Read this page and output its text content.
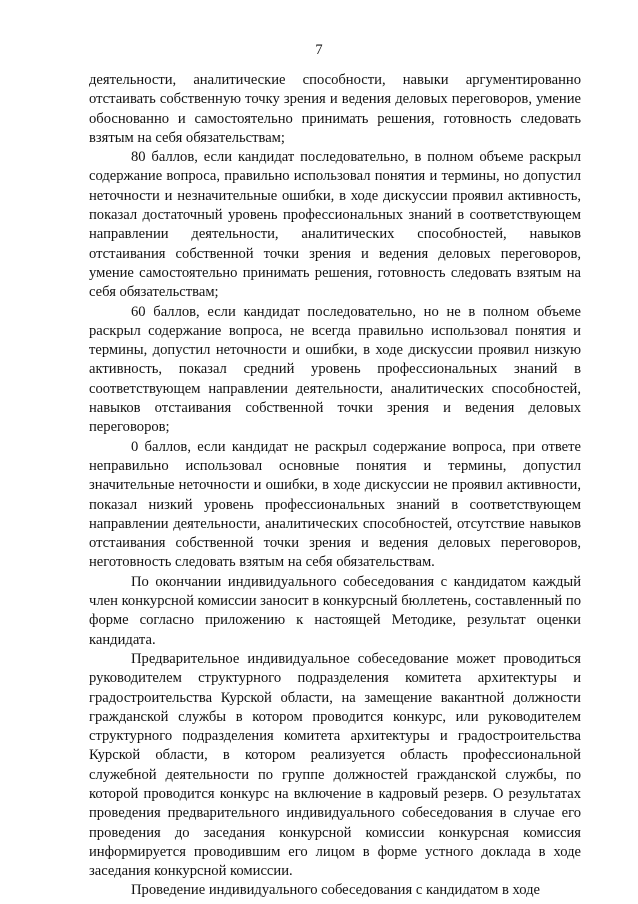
7

деятельности, аналитические способности, навыки аргументированно отстаивать собственную точку зрения и ведения деловых переговоров, умение обоснованно и самостоятельно принимать решения, готовность следовать взятым на себя обязательствам;

80 баллов, если кандидат последовательно, в полном объеме раскрыл содержание вопроса, правильно использовал понятия и термины, но допустил неточности и незначительные ошибки, в ходе дискуссии проявил активность, показал достаточный уровень профессиональных знаний в соответствующем направлении деятельности, аналитических способностей, навыков отстаивания собственной точки зрения и ведения деловых переговоров, умение самостоятельно принимать решения, готовность следовать взятым на себя обязательствам;

60 баллов, если кандидат последовательно, но не в полном объеме раскрыл содержание вопроса, не всегда правильно использовал понятия и термины, допустил неточности и ошибки, в ходе дискуссии проявил низкую активность, показал средний уровень профессиональных знаний в соответствующем направлении деятельности, аналитических способностей, навыков отстаивания собственной точки зрения и ведения деловых переговоров;

0 баллов, если кандидат не раскрыл содержание вопроса, при ответе неправильно использовал основные понятия и термины, допустил значительные неточности и ошибки, в ходе дискуссии не проявил активности, показал низкий уровень профессиональных знаний в соответствующем направлении деятельности, аналитических способностей, отсутствие навыков отстаивания собственной точки зрения и ведения деловых переговоров, неготовность следовать взятым на себя обязательствам.

По окончании индивидуального собеседования с кандидатом каждый член конкурсной комиссии заносит в конкурсный бюллетень, составленный по форме согласно приложению к настоящей Методике, результат оценки кандидата.

Предварительное индивидуальное собеседование может проводиться руководителем структурного подразделения комитета архитектуры и градостроительства Курской области, на замещение вакантной должности гражданской службы в котором проводится конкурс, или руководителем структурного подразделения комитета архитектуры и градостроительства Курской области, в котором реализуется область профессиональной служебной деятельности по группе должностей гражданской службы, по которой проводится конкурс на включение в кадровый резерв. О результатах проведения предварительного индивидуального собеседования в случае его проведения до заседания конкурсной комиссии конкурсная комиссия информируется проводившим его лицом в форме устного доклада в ходе заседания конкурсной комиссии.

Проведение индивидуального собеседования с кандидатом в ходе
